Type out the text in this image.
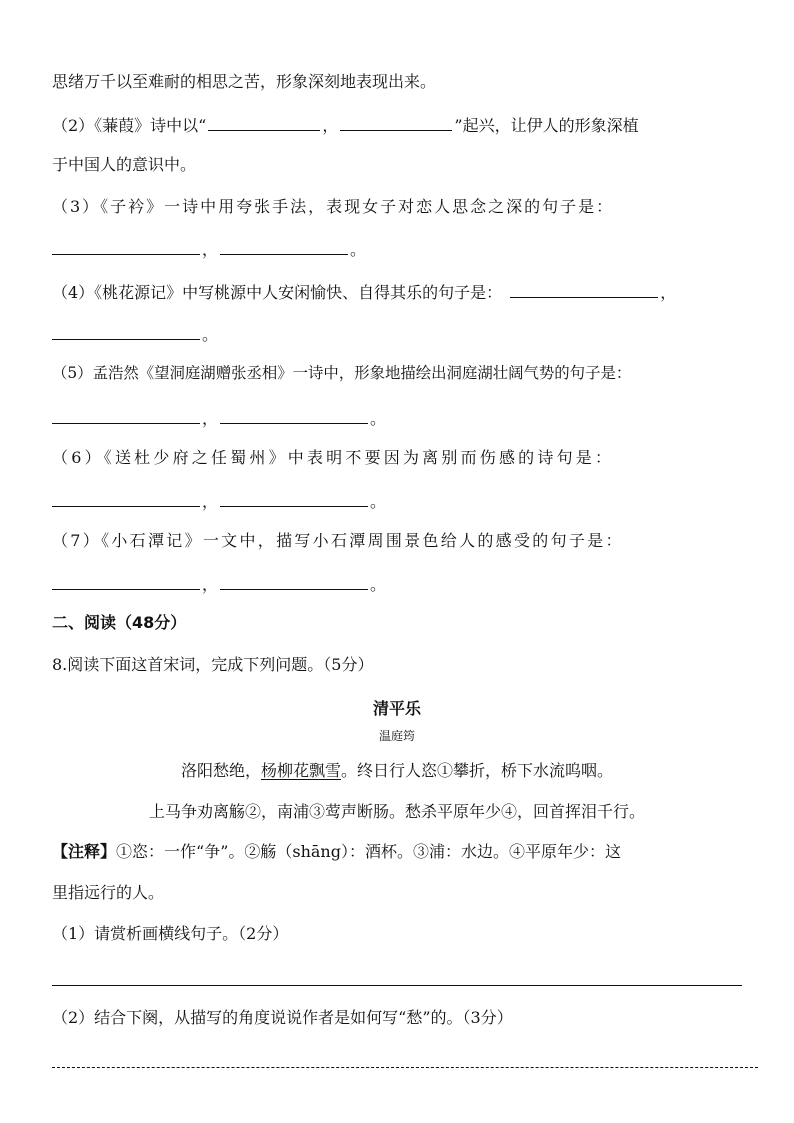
思绪万千以至难耐的相思之苦，形象深刻地表现出来。
（2）《蒹葭》诗中以“	，	”起兴，让伊人的形象深植
于中国人的意识中。
（3）《子衿》一诗中用夸张手法，表现女子对恋人思念之深的句子是：
，	。
（4）《桃花源记》中写桃源中人安闲愉快、自得其乐的句子是：	，
。
（5）孟浩然《望洞庭湖赠张丞相》一诗中，形象地描绘出洞庭湖壮阔气势的句子是：
，	。
（6）《送杜少府之任蜀州》中表明不要因为离别而伤感的诗句是：
，	。
（7）《小石潭记》一文中，描写小石潭周围景色给人的感受的句子是：
，	。
二、阅读（48分）
8.阅读下面这首宋词，完成下列问题。（5分）
清平乐
温庭筠
洛阳愁绝，杨柳花飘雪。终日行人恣①攀折，桥下水流呜咽。
上马争劝离觞②，南浦③莺声断肠。愁杀平原年少④，回首挥泪千行。
【注释】①恣：一作“争”。②觞（shāng）：酒杯。③浦：水边。④平原年少：这
里指远行的人。
（1）请赏析画横线句子。（2分）
（2）结合下阕，从描写的角度说说作者是如何写“愁”的。（3分）
